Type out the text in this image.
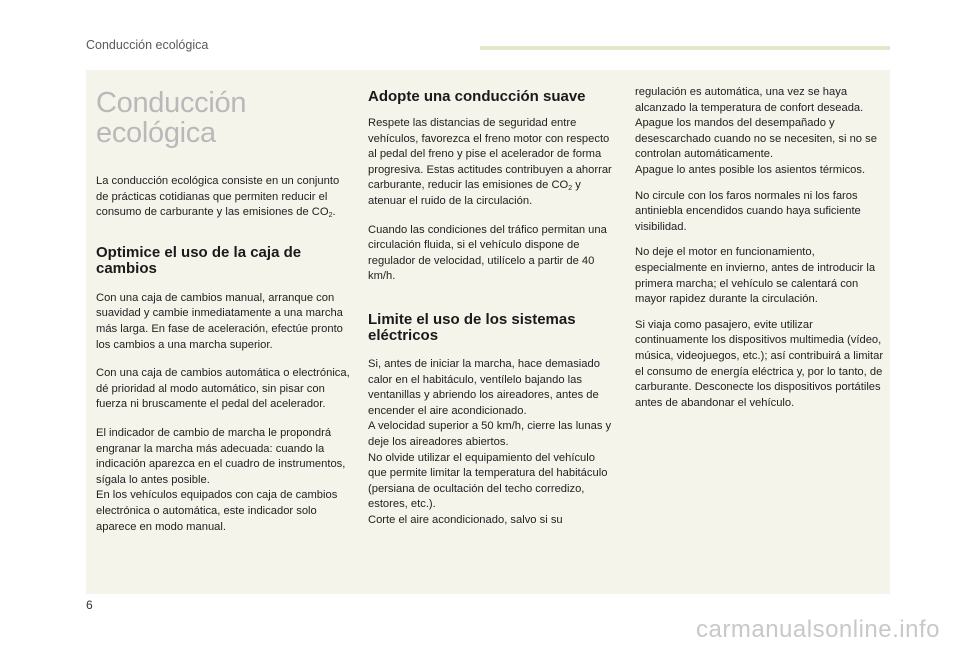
Conducción ecológica
Conducción ecológica

La conducción ecológica consiste en un conjunto de prácticas cotidianas que permiten reducir el consumo de carburante y las emisiones de $CO_2$.

Optimice el uso de la caja de cambios

Con una caja de cambios manual, arranque con suavidad y cambie inmediatamente a una marcha más larga. En fase de aceleración, efectúe pronto los cambios a una marcha superior.

Con una caja de cambios automática o electrónica, dé prioridad al modo automático, sin pisar con fuerza ni bruscamente el pedal del acelerador.

El indicador de cambio de marcha le propondrá engranar la marcha más adecuada: cuando la indicación aparezca en el cuadro de instrumentos, sígala lo antes posible.
En los vehículos equipados con caja de cambios electrónica o automática, este indicador solo aparece en modo manual.

Adopte una conducción suave

Respete las distancias de seguridad entre vehículos, favorezca el freno motor con respecto al pedal del freno y pise el acelerador de forma progresiva. Estas actitudes contribuyen a ahorrar carburante, reducir las emisiones de $CO_2$ y atenuar el ruido de la circulación.

Cuando las condiciones del tráfico permitan una circulación fluida, si el vehículo dispone de regulador de velocidad, utilícelo a partir de 40 km/h.

Limite el uso de los sistemas eléctricos

Si, antes de iniciar la marcha, hace demasiado calor en el habitáculo, ventílelo bajando las ventanillas y abriendo los aireadores, antes de encender el aire acondicionado.
A velocidad superior a 50 km/h, cierre las lunas y deje los aireadores abiertos.
No olvide utilizar el equipamiento del vehículo que permite limitar la temperatura del habitáculo (persiana de ocultación del techo corredizo, estores, etc.).
Corte el aire acondicionado, salvo si su

regulación es automática, una vez se haya alcanzado la temperatura de confort deseada.
Apague los mandos del desempañado y desescarchado cuando no se necesiten, si no se controlan automáticamente.
Apague lo antes posible los asientos térmicos.

No circule con los faros normales ni los faros antiniebla encendidos cuando haya suficiente visibilidad.

No deje el motor en funcionamiento, especialmente en invierno, antes de introducir la primera marcha; el vehículo se calentará con mayor rapidez durante la circulación.

Si viaja como pasajero, evite utilizar continuamente los dispositivos multimedia (vídeo, música, videojuegos, etc.); así contribuirá a limitar el consumo de energía eléctrica y, por lo tanto, de carburante. Desconecte los dispositivos portátiles antes de abandonar el vehículo.

6
carmanualsonline.info
